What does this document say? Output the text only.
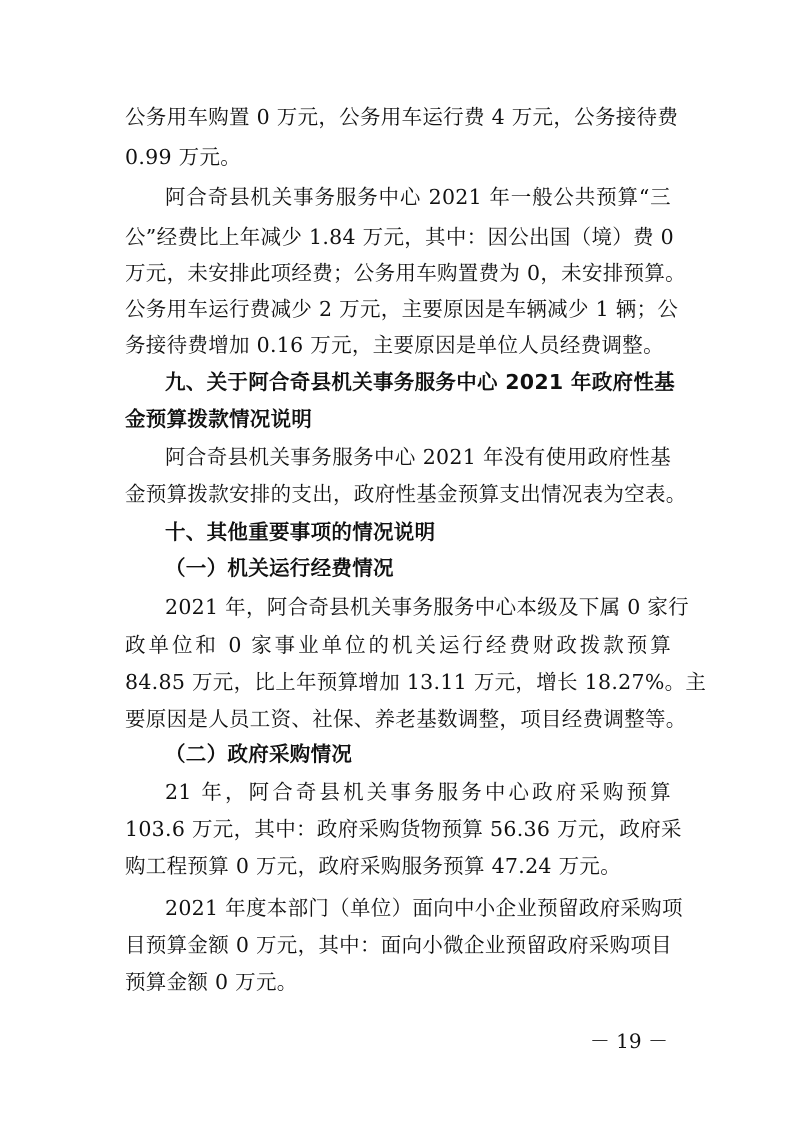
公务用车购置 0 万元，公务用车运行费 4 万元，公务接待费
0.99 万元。
阿合奇县机关事务服务中心 2021 年一般公共预算“三
公”经费比上年减少 1.84 万元，其中：因公出国（境）费 0
万元，未安排此项经费；公务用车购置费为 0，未安排预算。
公务用车运行费减少 2 万元，主要原因是车辆减少 1 辆；公
务接待费增加 0.16 万元，主要原因是单位人员经费调整。
九、关于阿合奇县机关事务服务中心 2021 年政府性基
金预算拨款情况说明
阿合奇县机关事务服务中心 2021 年没有使用政府性基
金预算拨款安排的支出，政府性基金预算支出情况表为空表。
十、其他重要事项的情况说明
（一）机关运行经费情况
2021 年，阿合奇县机关事务服务中心本级及下属 0 家行
政单位和 0 家事业单位的机关运行经费财政拨款预算
84.85 万元，比上年预算增加 13.11 万元，增长 18.27%。主
要原因是人员工资、社保、养老基数调整，项目经费调整等。
（二）政府采购情况
21 年，阿合奇县机关事务服务中心政府采购预算
103.6 万元，其中：政府采购货物预算 56.36 万元，政府采
购工程预算 0 万元，政府采购服务预算 47.24 万元。
2021 年度本部门（单位）面向中小企业预留政府采购项
目预算金额 0 万元，其中：面向小微企业预留政府采购项目
预算金额 0 万元。
－ 19 －
